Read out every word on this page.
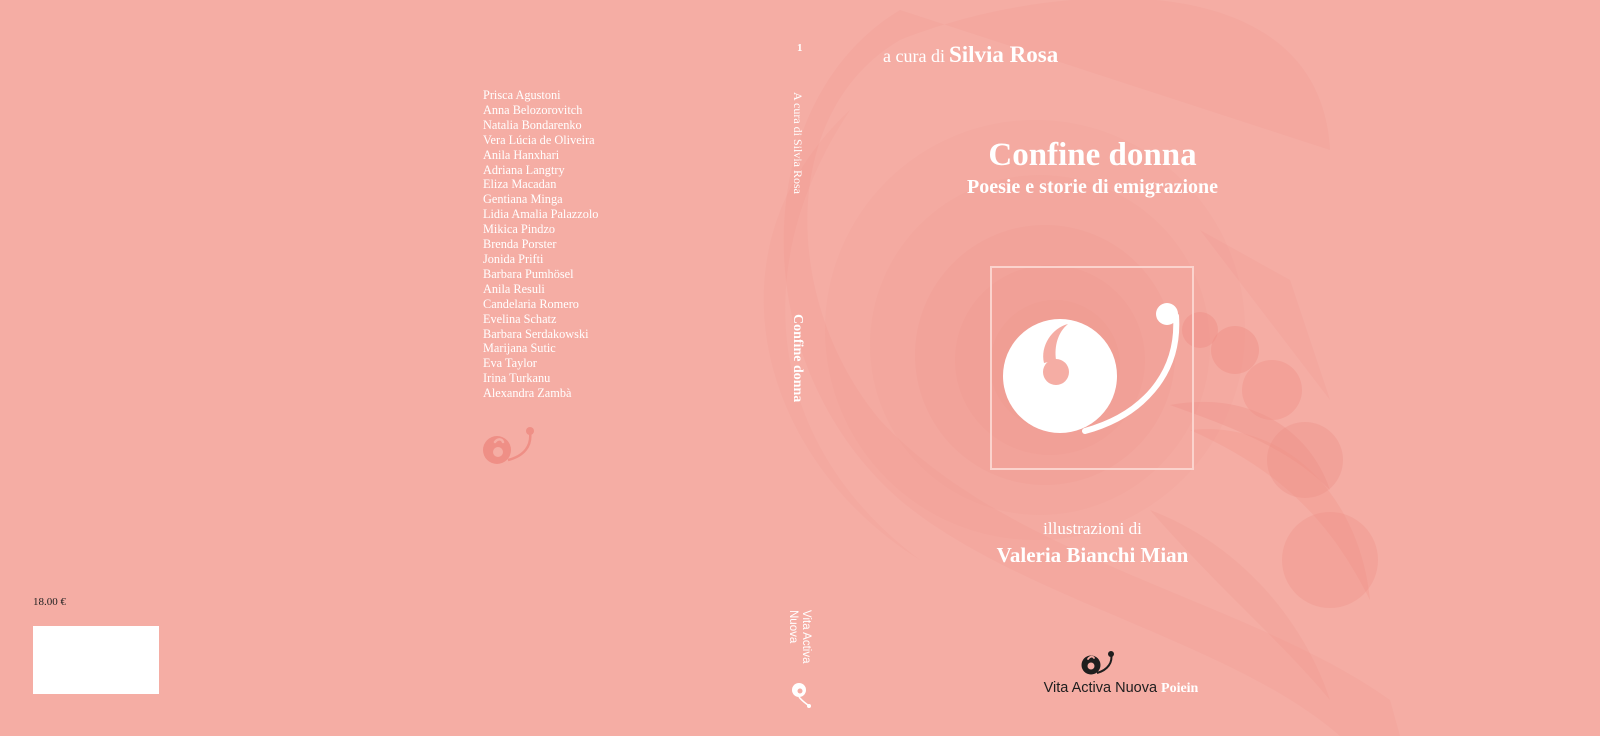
18.00 €
Prisca Agustoni
Anna Belozorovitch
Natalia Bondarenko
Vera Lúcia de Oliveira
Anila Hanxhari
Adriana Langtry
Eliza Macadan
Gentiana Minga
Lidia Amalia Palazzolo
Mikica Pindzo
Brenda Porster
Jonida Prifti
Barbara Pumhösel
Anila Resuli
Candelaria Romero
Evelina Schatz
Barbara Serdakowski
Marijana Sutic
Eva Taylor
Irina Turkanu
Alexandra Zambà
1
A cura di Silvia Rosa
Confine donna
Vita Activa
Nuova
a cura di Silvia Rosa
Confine donna
Poesie e storie di emigrazione
illustrazioni di
Valeria Bianchi Mian
Vita Activa Nuova Poiein
